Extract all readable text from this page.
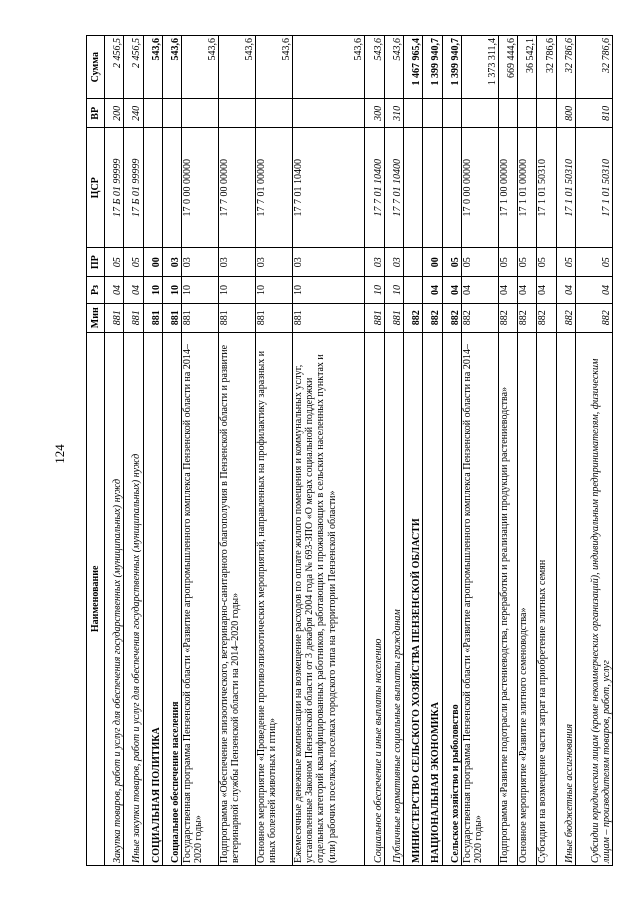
124
Наименование	Мин	Рз	ПР	ЦСР	ВР	Сумма
Закупка товаров, работ и услуг для обеспечения государственных (муниципальных) нужд	881	04	05	17 Б 01 99999	200	2 456,5
Иные закупки товаров, работ и услуг для обеспечения государственных (муниципальных) нужд	881	04	05	17 Б 01 99999	240	2 456,5
СОЦИАЛЬНАЯ ПОЛИТИКА	881	10	00			543,6
Социальное обеспечение населения	881	10	03			543,6
Государственная программа Пензенской области «Развитие агропромышленного комплекса Пензенской области на 2014–2020 годы»	881	10	03	17 0 00 00000		543,6
Подпрограмма «Обеспечение эпизоотического, ветеринарно-санитарного благополучия в Пензенской области и развитие ветеринарной службы Пензенской области на 2014–2020 годы»	881	10	03	17 7 00 00000		543,6
Основное мероприятие «Проведение противоэпизоотических мероприятий, направленных на профилактику заразных и иных болезней животных и птиц»	881	10	03	17 7 01 00000		543,6
Ежемесячные денежные компенсации на возмещение расходов по оплате жилого помещения и коммунальных услуг, установленные Законом Пензенской области от 3 декабря 2004 года № 693-ЗПО «О мерах социальной поддержки отдельных категорий квалифицированных работников, работающих и проживающих в сельских населенных пунктах и (или) рабочих поселках, поселках городского типа на территории Пензенской области»	881	10	03	17 7 01 10400		543,6
Социальное обеспечение и иные выплаты населению	881	10	03	17 7 01 10400	300	543,6
Публичные нормативные социальные выплаты гражданам	881	10	03	17 7 01 10400	310	543,6
МИНИСТЕРСТВО СЕЛЬСКОГО ХОЗЯЙСТВА ПЕНЗЕНСКОЙ ОБЛАСТИ	882					1 467 965,4
НАЦИОНАЛЬНАЯ ЭКОНОМИКА	882	04	00			1 399 940,7
Сельское хозяйство и рыболовство	882	04	05			1 399 940,7
Государственная программа Пензенской области «Развитие агропромышленного комплекса Пензенской области на 2014–2020 годы»	882	04	05	17 0 00 00000		1 373 311,4
Подпрограмма «Развитие подотрасли растениеводства, переработки и реализации продукции растениеводства»	882	04	05	17 1 00 00000		669 444,6
Основное мероприятие «Развитие элитного семеноводства»	882	04	05	17 1 01 00000		36 542,1
Субсидии на возмещение части затрат на приобретение элитных семян	882	04	05	17 1 01 50310		32 786,6
Иные бюджетные ассигнования	882	04	05	17 1 01 50310	800	32 786,6
Субсидии юридическим лицам (кроме некоммерческих организаций), индивидуальным предпринимателям, физическим лицам – производителям товаров, работ, услуг	882	04	05	17 1 01 50310	810	32 786,6
